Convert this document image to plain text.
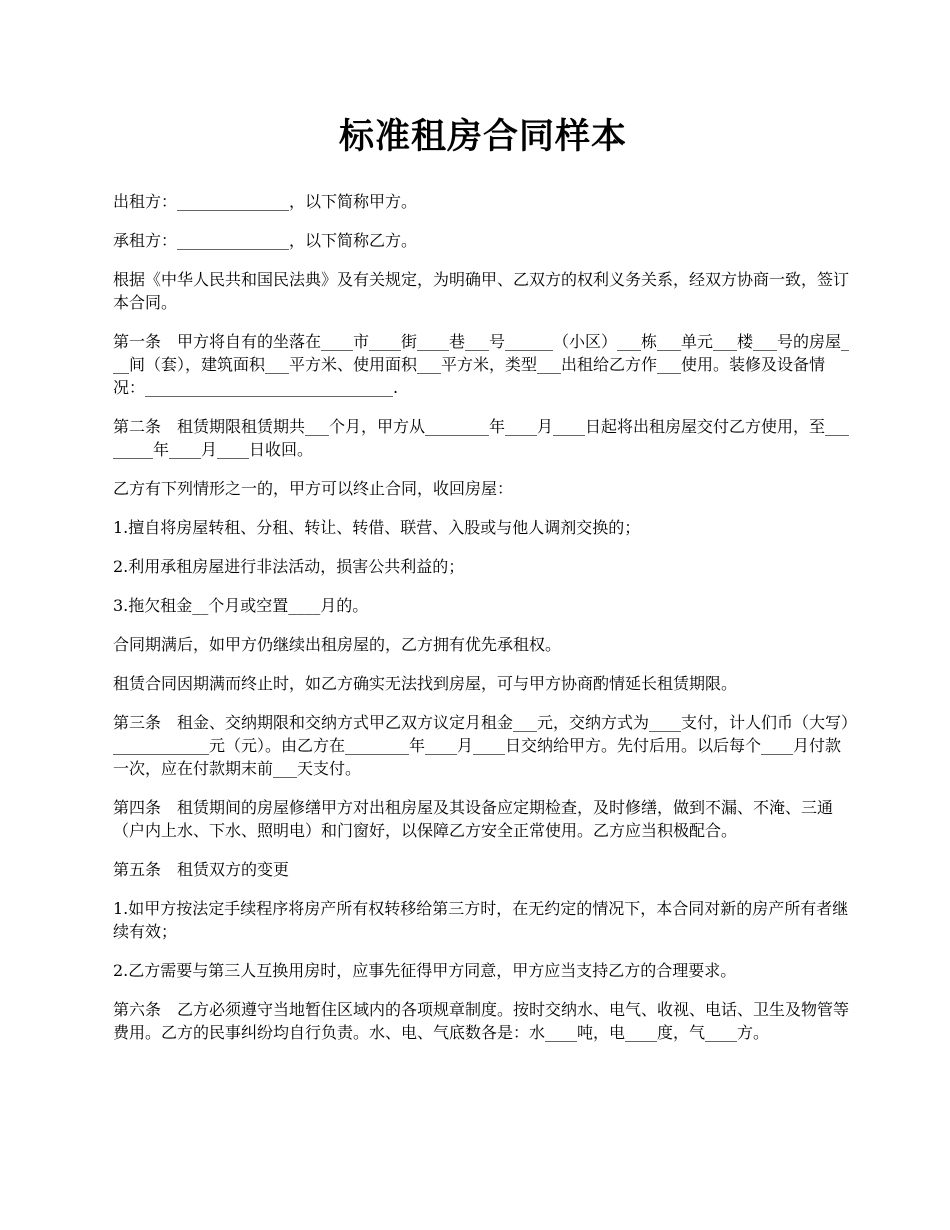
标准租房合同样本

出租方：______________，以下简称甲方。

承租方：______________，以下简称乙方。

根据《中华人民共和国民法典》及有关规定，为明确甲、乙双方的权利义务关系，经双方协商一致，签订本合同。

第一条　甲方将自有的坐落在____市____街____巷___号______（小区）___栋___单元___楼___号的房屋___间（套），建筑面积___平方米、使用面积___平方米，类型___出租给乙方作___使用。装修及设备情况：_______________________________.

第二条　租赁期限租赁期共___个月，甲方从________年____月____日起将出租房屋交付乙方使用，至________年____月____日收回。

乙方有下列情形之一的，甲方可以终止合同，收回房屋：

1.擅自将房屋转租、分租、转让、转借、联营、入股或与他人调剂交换的；

2.利用承租房屋进行非法活动，损害公共利益的；

3.拖欠租金__个月或空置____月的。

合同期满后，如甲方仍继续出租房屋的，乙方拥有优先承租权。

租赁合同因期满而终止时，如乙方确实无法找到房屋，可与甲方协商酌情延长租赁期限。

第三条　租金、交纳期限和交纳方式甲乙双方议定月租金___元，交纳方式为____支付，计人们币（大写）____________元（元）。由乙方在________年____月____日交纳给甲方。先付后用。以后每个____月付款一次，应在付款期末前___天支付。

第四条　租赁期间的房屋修缮甲方对出租房屋及其设备应定期检查，及时修缮，做到不漏、不淹、三通（户内上水、下水、照明电）和门窗好，以保障乙方安全正常使用。乙方应当积极配合。

第五条　租赁双方的变更

1.如甲方按法定手续程序将房产所有权转移给第三方时，在无约定的情况下，本合同对新的房产所有者继续有效；

2.乙方需要与第三人互换用房时，应事先征得甲方同意，甲方应当支持乙方的合理要求。

第六条　乙方必须遵守当地暂住区域内的各项规章制度。按时交纳水、电气、收视、电话、卫生及物管等费用。乙方的民事纠纷均自行负责。水、电、气底数各是：水____吨，电____度，气____方。
